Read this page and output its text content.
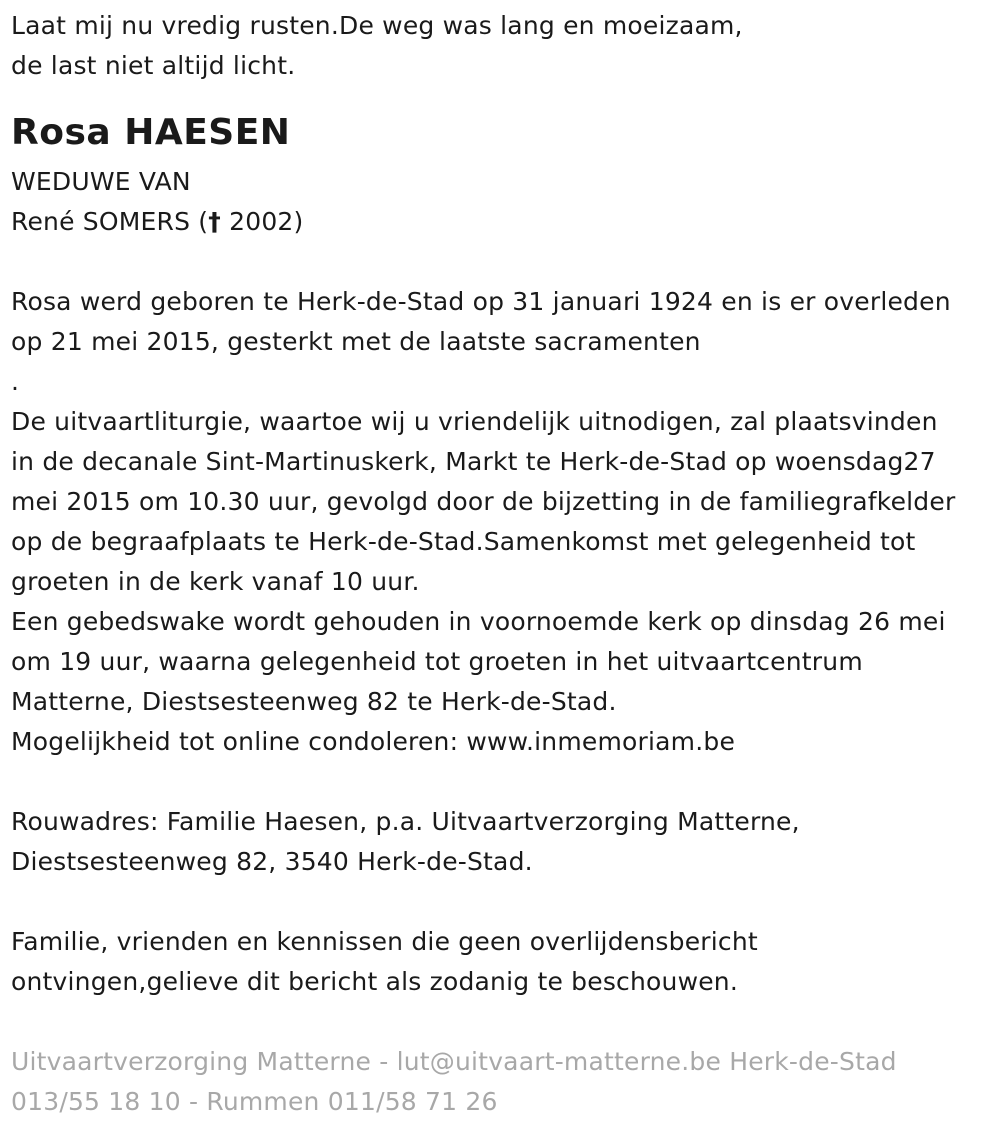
Laat mij nu vredig rusten.De weg was lang en moeizaam,
de last niet altijd licht.
Rosa HAESEN
WEDUWE VAN
René SOMERS († 2002)
Rosa werd geboren te Herk-de-Stad op 31 januari 1924 en is er overleden
op 21 mei 2015, gesterkt met de laatste sacramenten
.
De uitvaartliturgie, waartoe wij u vriendelijk uitnodigen, zal plaatsvinden
in de decanale Sint-Martinuskerk, Markt te Herk-de-Stad op woensdag27
mei 2015 om 10.30 uur, gevolgd door de bijzetting in de familiegrafkelder
op de begraafplaats te Herk-de-Stad.Samenkomst met gelegenheid tot
groeten in de kerk vanaf 10 uur.
Een gebedswake wordt gehouden in voornoemde kerk op dinsdag 26 mei
om 19 uur, waarna gelegenheid tot groeten in het uitvaartcentrum
Matterne, Diestsesteenweg 82 te Herk-de-Stad.
Mogelijkheid tot online condoleren: www.inmemoriam.be
Rouwadres: Familie Haesen, p.a. Uitvaartverzorging Matterne,
Diestsesteenweg 82, 3540 Herk-de-Stad.
Familie, vrienden en kennissen die geen overlijdensbericht
ontvingen,gelieve dit bericht als zodanig te beschouwen.
Uitvaartverzorging Matterne - lut@uitvaart-matterne.be Herk-de-Stad
013/55 18 10 - Rummen 011/58 71 26
